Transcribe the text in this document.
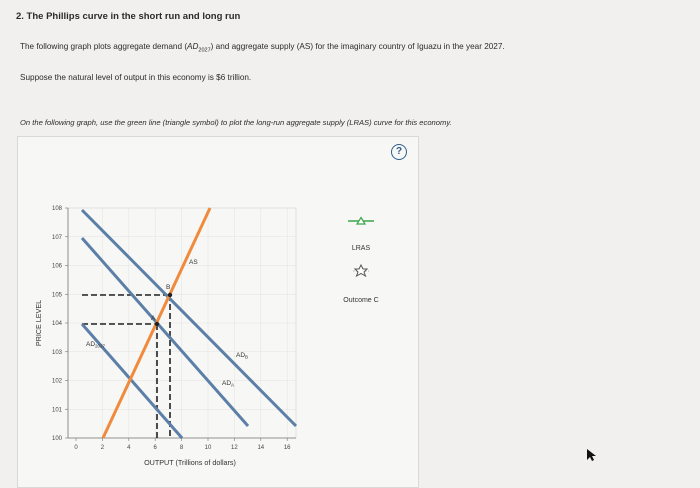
2. The Phillips curve in the short run and long run
The following graph plots aggregate demand $(AD_{2027})$ and aggregate supply (AS) for the imaginary country of Iguazu in the year 2027.
Suppose the natural level of output in this economy is $6 trillion.
On the following graph, use the green line (triangle symbol) to plot the long-run aggregate supply (LRAS) curve for this economy.
?
108
107
106
105
104
103
102
101
100
0	2	4	6	8	10	12	14	16
PRICE LEVEL
OUTPUT (Trillions of dollars)
AS
$AD_{2027}$
$AD_A$
$AD_B$
A
B
LRAS
Outcome C
